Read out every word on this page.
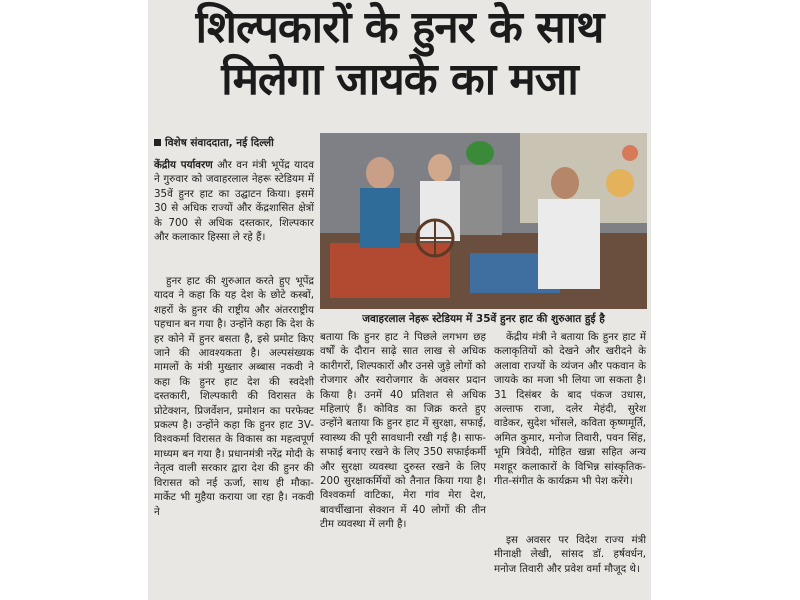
शिल्पकारों के हुनर के साथ
मिलेगा जायके का मजा
विशेष संवाददाता, नई दिल्ली

केंद्रीय पर्यावरण और वन मंत्री भूपेंद्र यादव ने गुरुवार को जवाहरलाल नेहरू स्टेडियम में 35वें हुनर हाट का उद्घाटन किया। इसमें 30 से अधिक राज्यों और केंद्रशासित क्षेत्रों के 700 से अधिक दस्तकार, शिल्पकार और कलाकार हिस्सा ले रहे हैं।

हुनर हाट की शुरुआत करते हुए भूपेंद्र यादव ने कहा कि यह देश के छोटे कस्बों, शहरों के हुनर की राष्ट्रीय और अंतरराष्ट्रीय पहचान बन गया है। उन्होंने कहा कि देश के हर कोने में हुनर बसता है, इसे प्रमोट किए जाने की आवश्यकता है। अल्पसंख्यक मामलों के मंत्री मुख्तार अब्बास नकवी ने कहा कि हुनर हाट देश की स्वदेशी दस्तकारी, शिल्पकारी की विरासत के प्रोटेक्शन, प्रिजर्वेशन, प्रमोशन का परफेक्ट प्रकल्प है। उन्होंने कहा कि हुनर हाट 3V- विश्वकर्मा विरासत के विकास का महत्वपूर्ण माध्यम बन गया है। प्रधानमंत्री नरेंद्र मोदी के नेतृत्व वाली सरकार द्वारा देश की हुनर की विरासत को नई ऊर्जा, साथ ही मौका-मार्केट भी मुहैया कराया जा रहा है। नकवी ने

जवाहरलाल नेहरू स्टेडियम में 35वें हुनर हाट की शुरुआत हुई है

बताया कि हुनर हाट ने पिछले लगभग छह वर्षों के दौरान साढ़े सात लाख से अधिक कारीगरों, शिल्पकारों और उनसे जुड़े लोगों को रोजगार और स्वरोजगार के अवसर प्रदान किया है। उनमें 40 प्रतिशत से अधिक महिलाएं हैं। कोविड का जिक्र करते हुए उन्होंने बताया कि हुनर हाट में सुरक्षा, सफाई, स्वास्थ्य की पूरी सावधानी रखी गई है। साफ-सफाई बनाए रखने के लिए 350 सफाईकर्मी और सुरक्षा व्यवस्था दुरुस्त रखने के लिए 200 सुरक्षाकर्मियों को तैनात किया गया है। विश्वकर्मा वाटिका, मेरा गांव मेरा देश, बावर्चीखाना सेक्शन में 40 लोगों की तीन टीम व्यवस्था में लगी है।

केंद्रीय मंत्री ने बताया कि हुनर हाट में कलाकृतियों को देखने और खरीदने के अलावा राज्यों के व्यंजन और पकवान के जायके का मजा भी लिया जा सकता है। 31 दिसंबर के बाद पंकज उधास, अल्ताफ राजा, दलेर मेहंदी, सुरेश वाडेकर, सुदेश भोंसले, कविता कृष्णमूर्ति, अमित कुमार, मनोज तिवारी, पवन सिंह, भूमि त्रिवेदी, मोहित खन्ना सहित अन्य मशहूर कलाकारों के विभिन्न सांस्कृतिक-गीत-संगीत के कार्यक्रम भी पेश करेंगे।

इस अवसर पर विदेश राज्य मंत्री मीनाक्षी लेखी, सांसद डॉ. हर्षवर्धन, मनोज तिवारी और प्रवेश वर्मा मौजूद थे।
